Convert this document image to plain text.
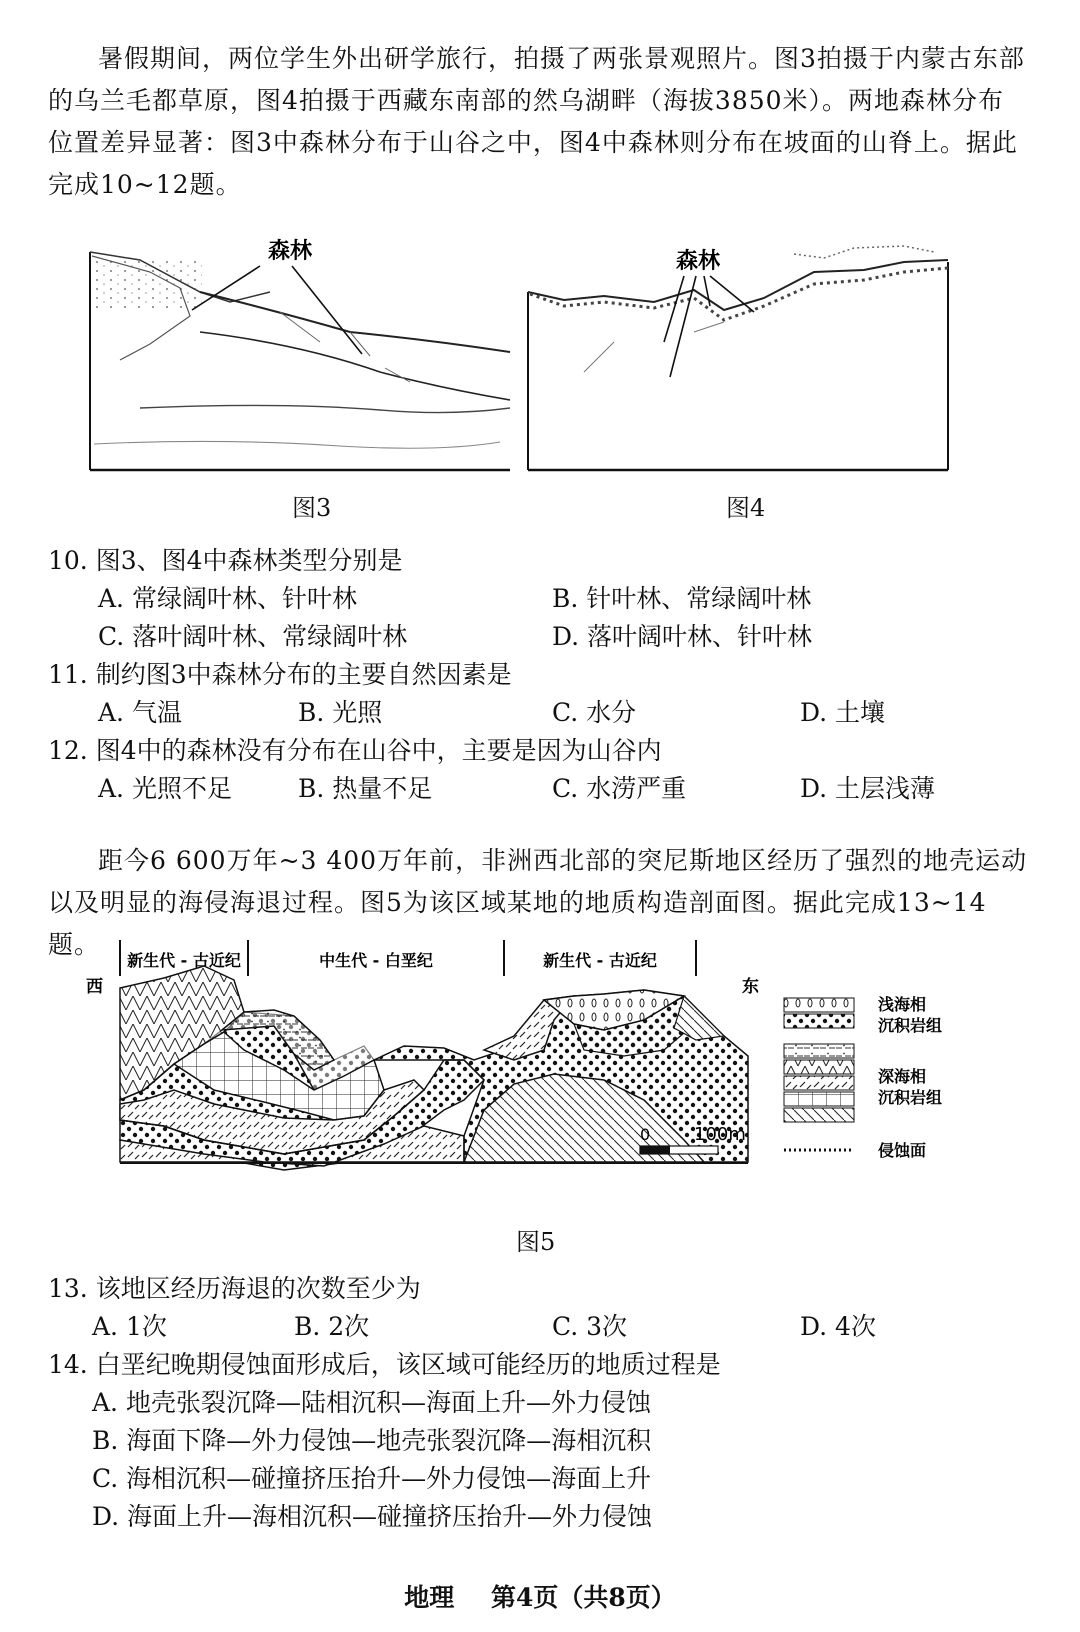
暑假期间，两位学生外出研学旅行，拍摄了两张景观照片。图3拍摄于内蒙古东部的乌兰毛都草原，图4拍摄于西藏东南部的然乌湖畔（海拔3850米）。两地森林分布位置差异显著：图3中森林分布于山谷之中，图4中森林则分布在坡面的山脊上。据此完成10~12题。
森林
图3
森林
图4
10. 图3、图4中森林类型分别是
A. 常绿阔叶林、针叶林	B. 针叶林、常绿阔叶林
C. 落叶阔叶林、常绿阔叶林	D. 落叶阔叶林、针叶林
11. 制约图3中森林分布的主要自然因素是
A. 气温	B. 光照	C. 水分	D. 土壤
12. 图4中的森林没有分布在山谷中，主要是因为山谷内
A. 光照不足	B. 热量不足	C. 水涝严重	D. 土层浅薄
距今6 600万年~3 400万年前，非洲西北部的突尼斯地区经历了强烈的地壳运动以及明显的海侵海退过程。图5为该区域某地的地质构造剖面图。据此完成13~14题。
新生代 - 古近纪	中生代 - 白垩纪	新生代 - 古近纪
西	东
0 100m
浅海相
沉积岩组
深海相
沉积岩组
侵蚀面
图5
13. 该地区经历海退的次数至少为
A. 1次	B. 2次	C. 3次	D. 4次
14. 白垩纪晚期侵蚀面形成后，该区域可能经历的地质过程是
A. 地壳张裂沉降—陆相沉积—海面上升—外力侵蚀
B. 海面下降—外力侵蚀—地壳张裂沉降—海相沉积
C. 海相沉积—碰撞挤压抬升—外力侵蚀—海面上升
D. 海面上升—海相沉积—碰撞挤压抬升—外力侵蚀
地理 第4页（共8页）
